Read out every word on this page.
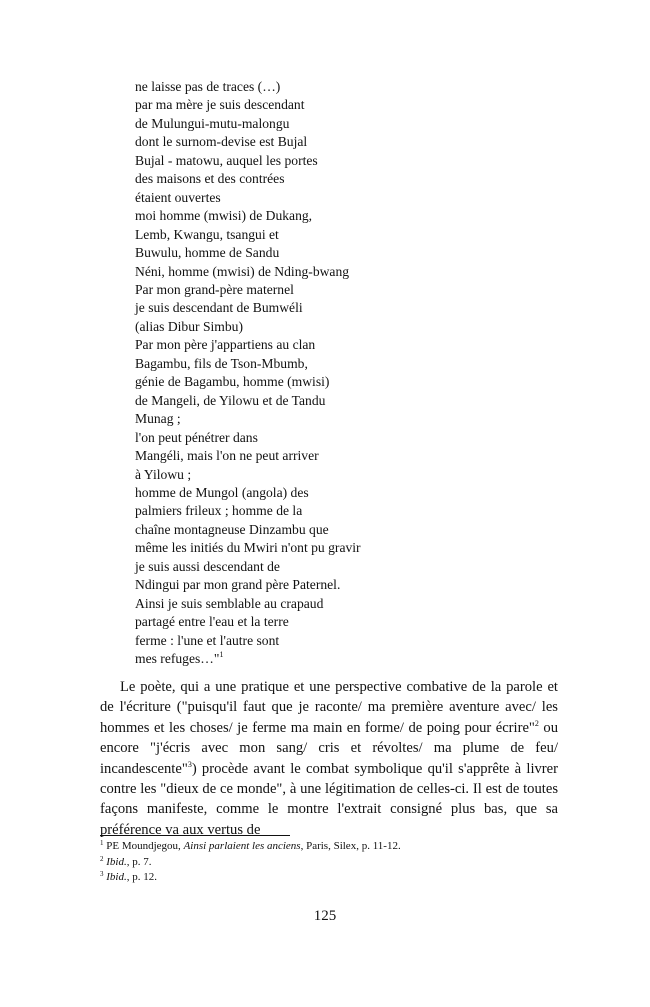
ne laisse pas de traces (…)
par ma mère je suis descendant
de Mulungui-mutu-malongu
dont le surnom-devise est Bujal
Bujal - matowu, auquel les portes
des maisons et des contrées
étaient ouvertes
moi homme (mwisi) de Dukang,
Lemb, Kwangu, tsangui et
Buwulu, homme de Sandu
Néni, homme (mwisi) de Nding-bwang
Par mon grand-père maternel
je suis descendant de Bumwéli
(alias Dibur Simbu)
Par mon père j'appartiens au clan
Bagambu, fils de Tson-Mbumb,
génie de Bagambu, homme (mwisi)
de Mangeli, de Yilowu et de Tandu
Munag ;
l'on peut pénétrer dans
Mangéli, mais l'on ne peut arriver
à Yilowu ;
homme de Mungol (angola) des
palmiers frileux ; homme de la
chaîne montagneuse Dinzambu que
même les initiés du Mwiri n'ont pu gravir
je suis aussi descendant de
Ndingui par mon grand père Paternel.
Ainsi je suis semblable au crapaud
partagé entre l'eau et la terre
ferme : l'une et l'autre sont
mes refuges…"$^1$

Le poète, qui a une pratique et une perspective combative de la parole et de l'écriture ("puisqu'il faut que je raconte/ ma première aventure avec/ les hommes et les choses/ je ferme ma main en forme/ de poing pour écrire"$^2$ ou encore "j'écris avec mon sang/ cris et révoltes/ ma plume de feu/ incandescente"$^3$) procède avant le combat symbolique qu'il s'apprête à livrer contre les "dieux de ce monde", à une légitimation de celles-ci. Il est de toutes façons manifeste, comme le montre l'extrait consigné plus bas, que sa préférence va aux vertus de

$^1$ PE Moundjegou, Ainsi parlaient les anciens, Paris, Silex, p. 11-12.
$^2$ Ibid., p. 7.
$^3$ Ibid., p. 12.
125
